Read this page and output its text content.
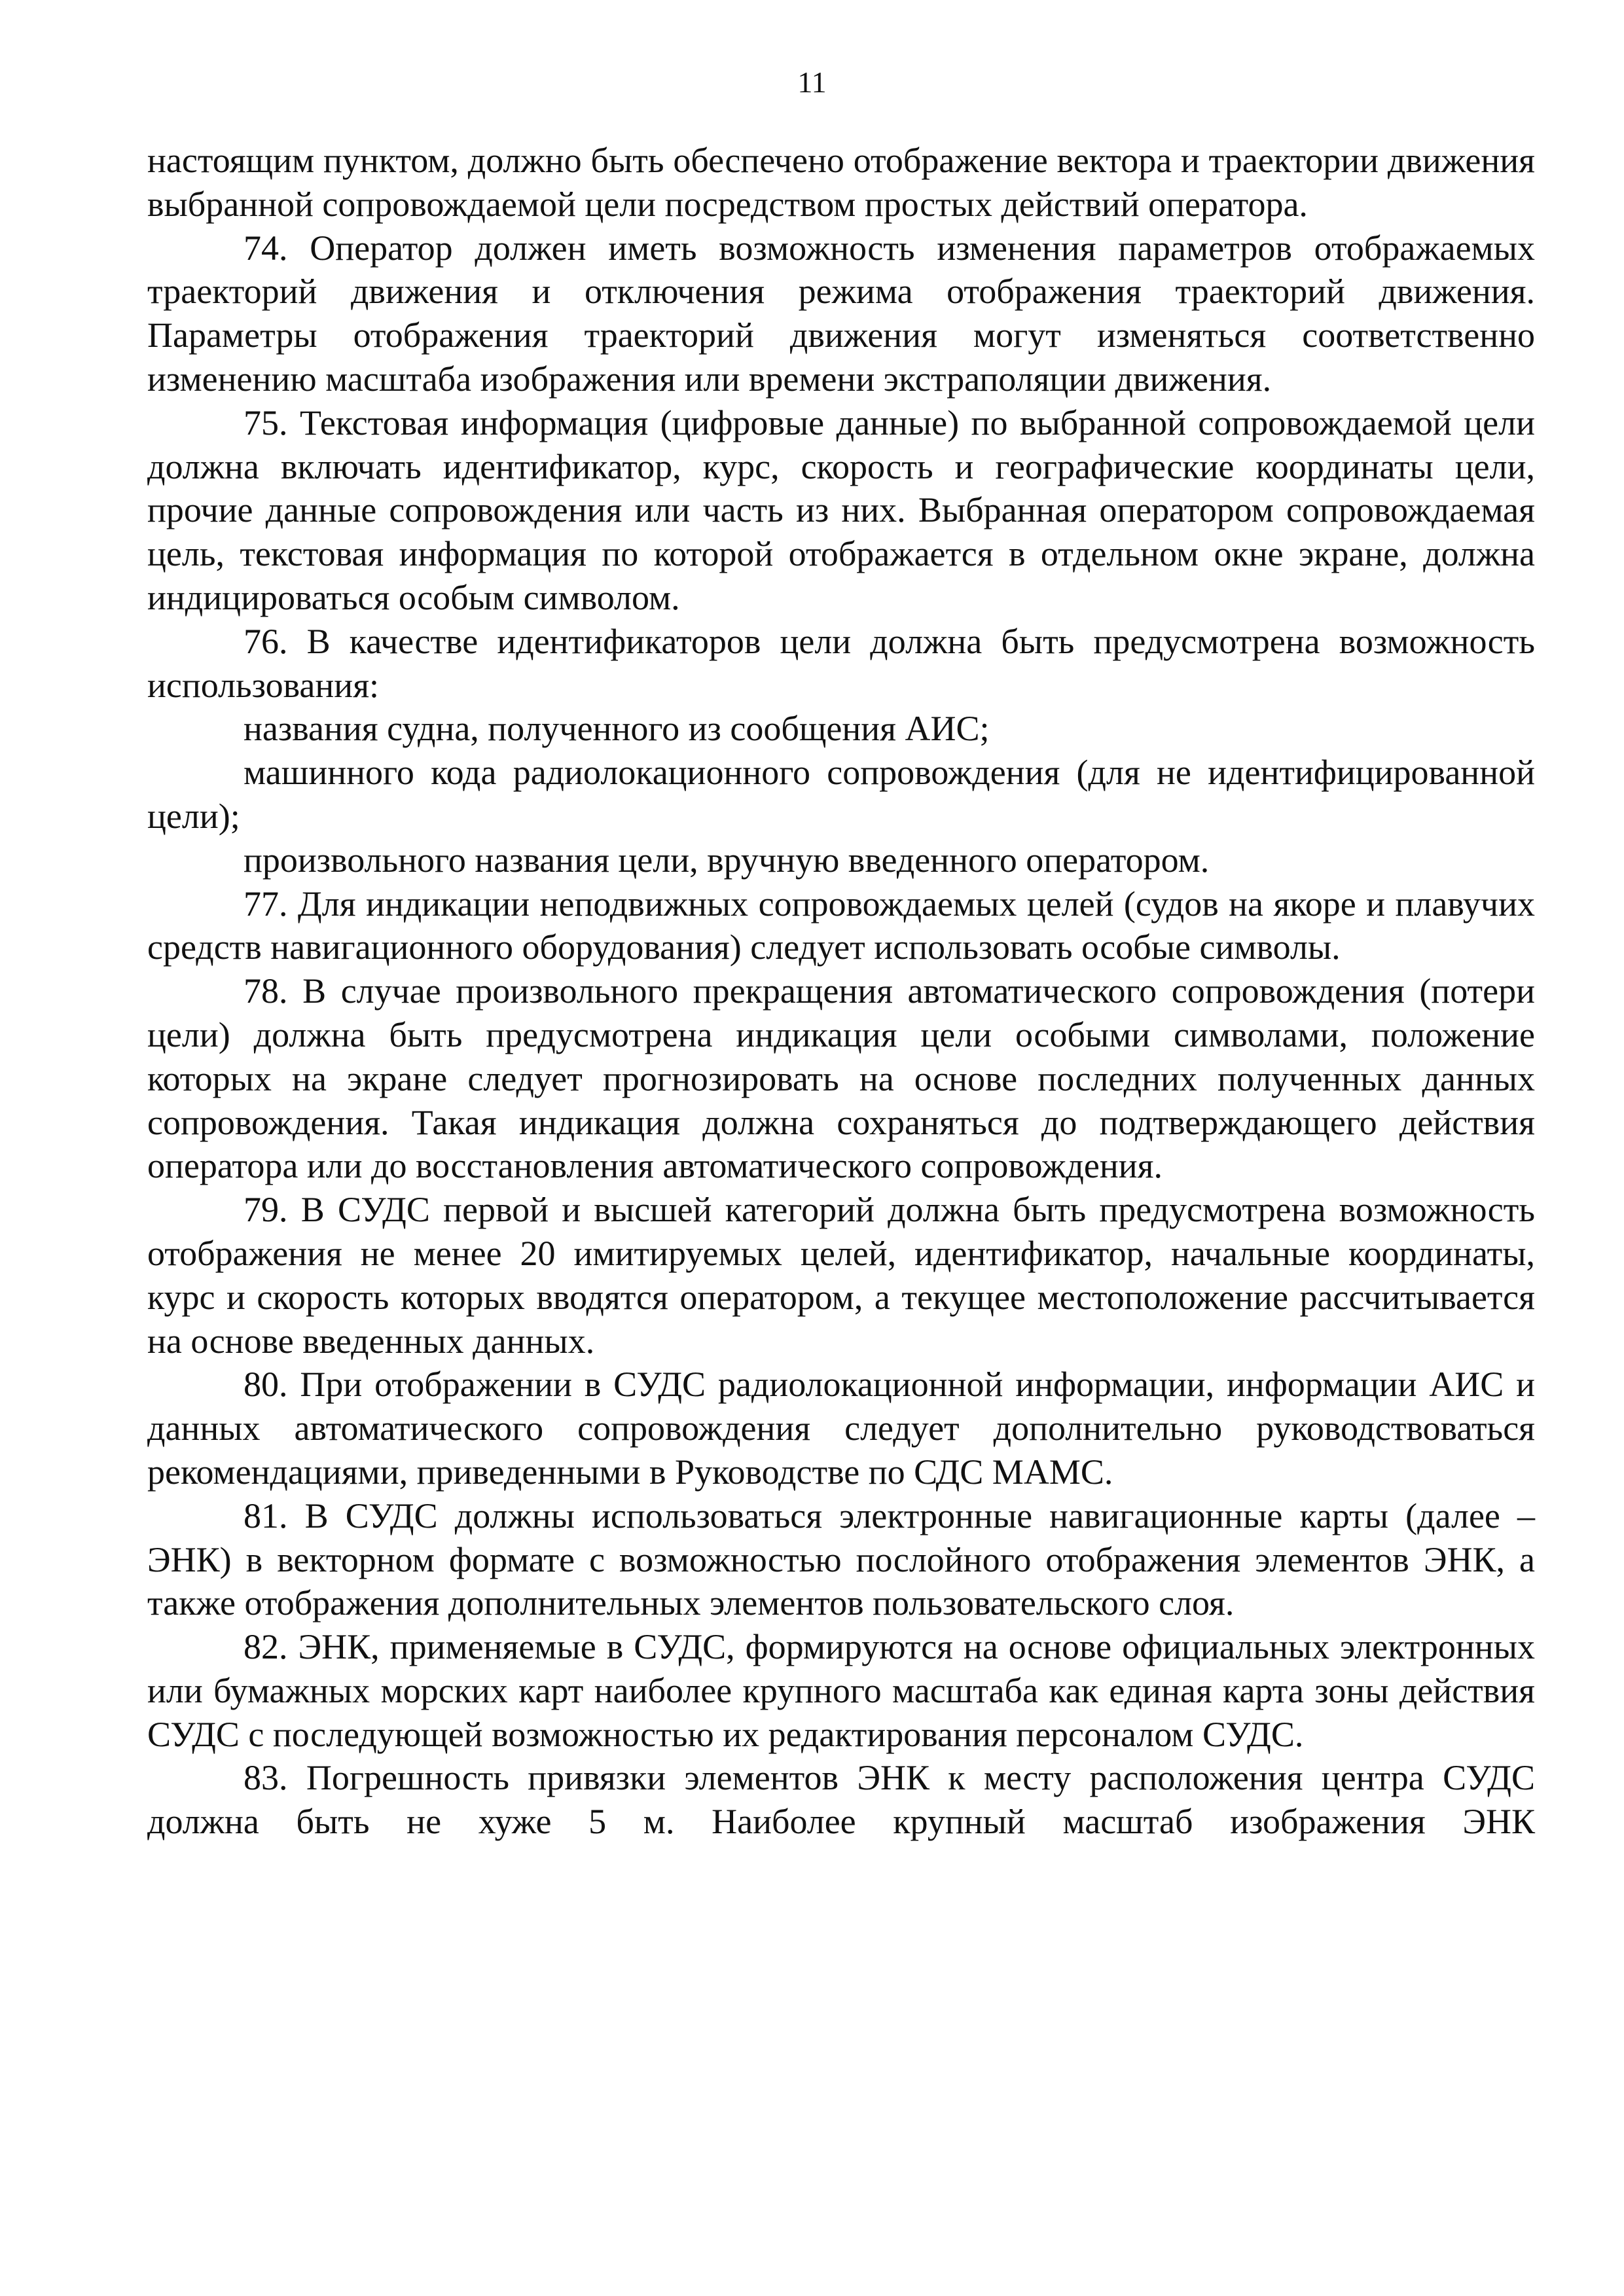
11

настоящим пунктом, должно быть обеспечено отображение вектора и траектории движения выбранной сопровождаемой цели посредством простых действий оператора.

74. Оператор должен иметь возможность изменения параметров отображаемых траекторий движения и отключения режима отображения траекторий движения. Параметры отображения траекторий движения могут изменяться соответственно изменению масштаба изображения или времени экстраполяции движения.

75. Текстовая информация (цифровые данные) по выбранной сопровождаемой цели должна включать идентификатор, курс, скорость и географические координаты цели, прочие данные сопровождения или часть из них. Выбранная оператором сопровождаемая цель, текстовая информация по которой отображается в отдельном окне экране, должна индицироваться особым символом.

76. В качестве идентификаторов цели должна быть предусмотрена возможность использования:

названия судна, полученного из сообщения АИС;

машинного кода радиолокационного сопровождения (для не идентифицированной цели);

произвольного названия цели, вручную введенного оператором.

77. Для индикации неподвижных сопровождаемых целей (судов на якоре и плавучих средств навигационного оборудования) следует использовать особые символы.

78. В случае произвольного прекращения автоматического сопровождения (потери цели) должна быть предусмотрена индикация цели особыми символами, положение которых на экране следует прогнозировать на основе последних полученных данных сопровождения. Такая индикация должна сохраняться до подтверждающего действия оператора или до восстановления автоматического сопровождения.

79. В СУДС первой и высшей категорий должна быть предусмотрена возможность отображения не менее 20 имитируемых целей, идентификатор, начальные координаты, курс и скорость которых вводятся оператором, а текущее местоположение рассчитывается на основе введенных данных.

80. При отображении в СУДС радиолокационной информации, информации АИС и данных автоматического сопровождения следует дополнительно руководствоваться рекомендациями, приведенными в Руководстве по СДС МАМС.

81. В СУДС должны использоваться электронные навигационные карты (далее – ЭНК) в векторном формате с возможностью послойного отображения элементов ЭНК, а также отображения дополнительных элементов пользовательского слоя.

82. ЭНК, применяемые в СУДС, формируются на основе официальных электронных или бумажных морских карт наиболее крупного масштаба как единая карта зоны действия СУДС с последующей возможностью их редактирования персоналом СУДС.

83. Погрешность привязки элементов ЭНК к месту расположения центра СУДС должна быть не хуже 5 м. Наиболее крупный масштаб изображения ЭНК
